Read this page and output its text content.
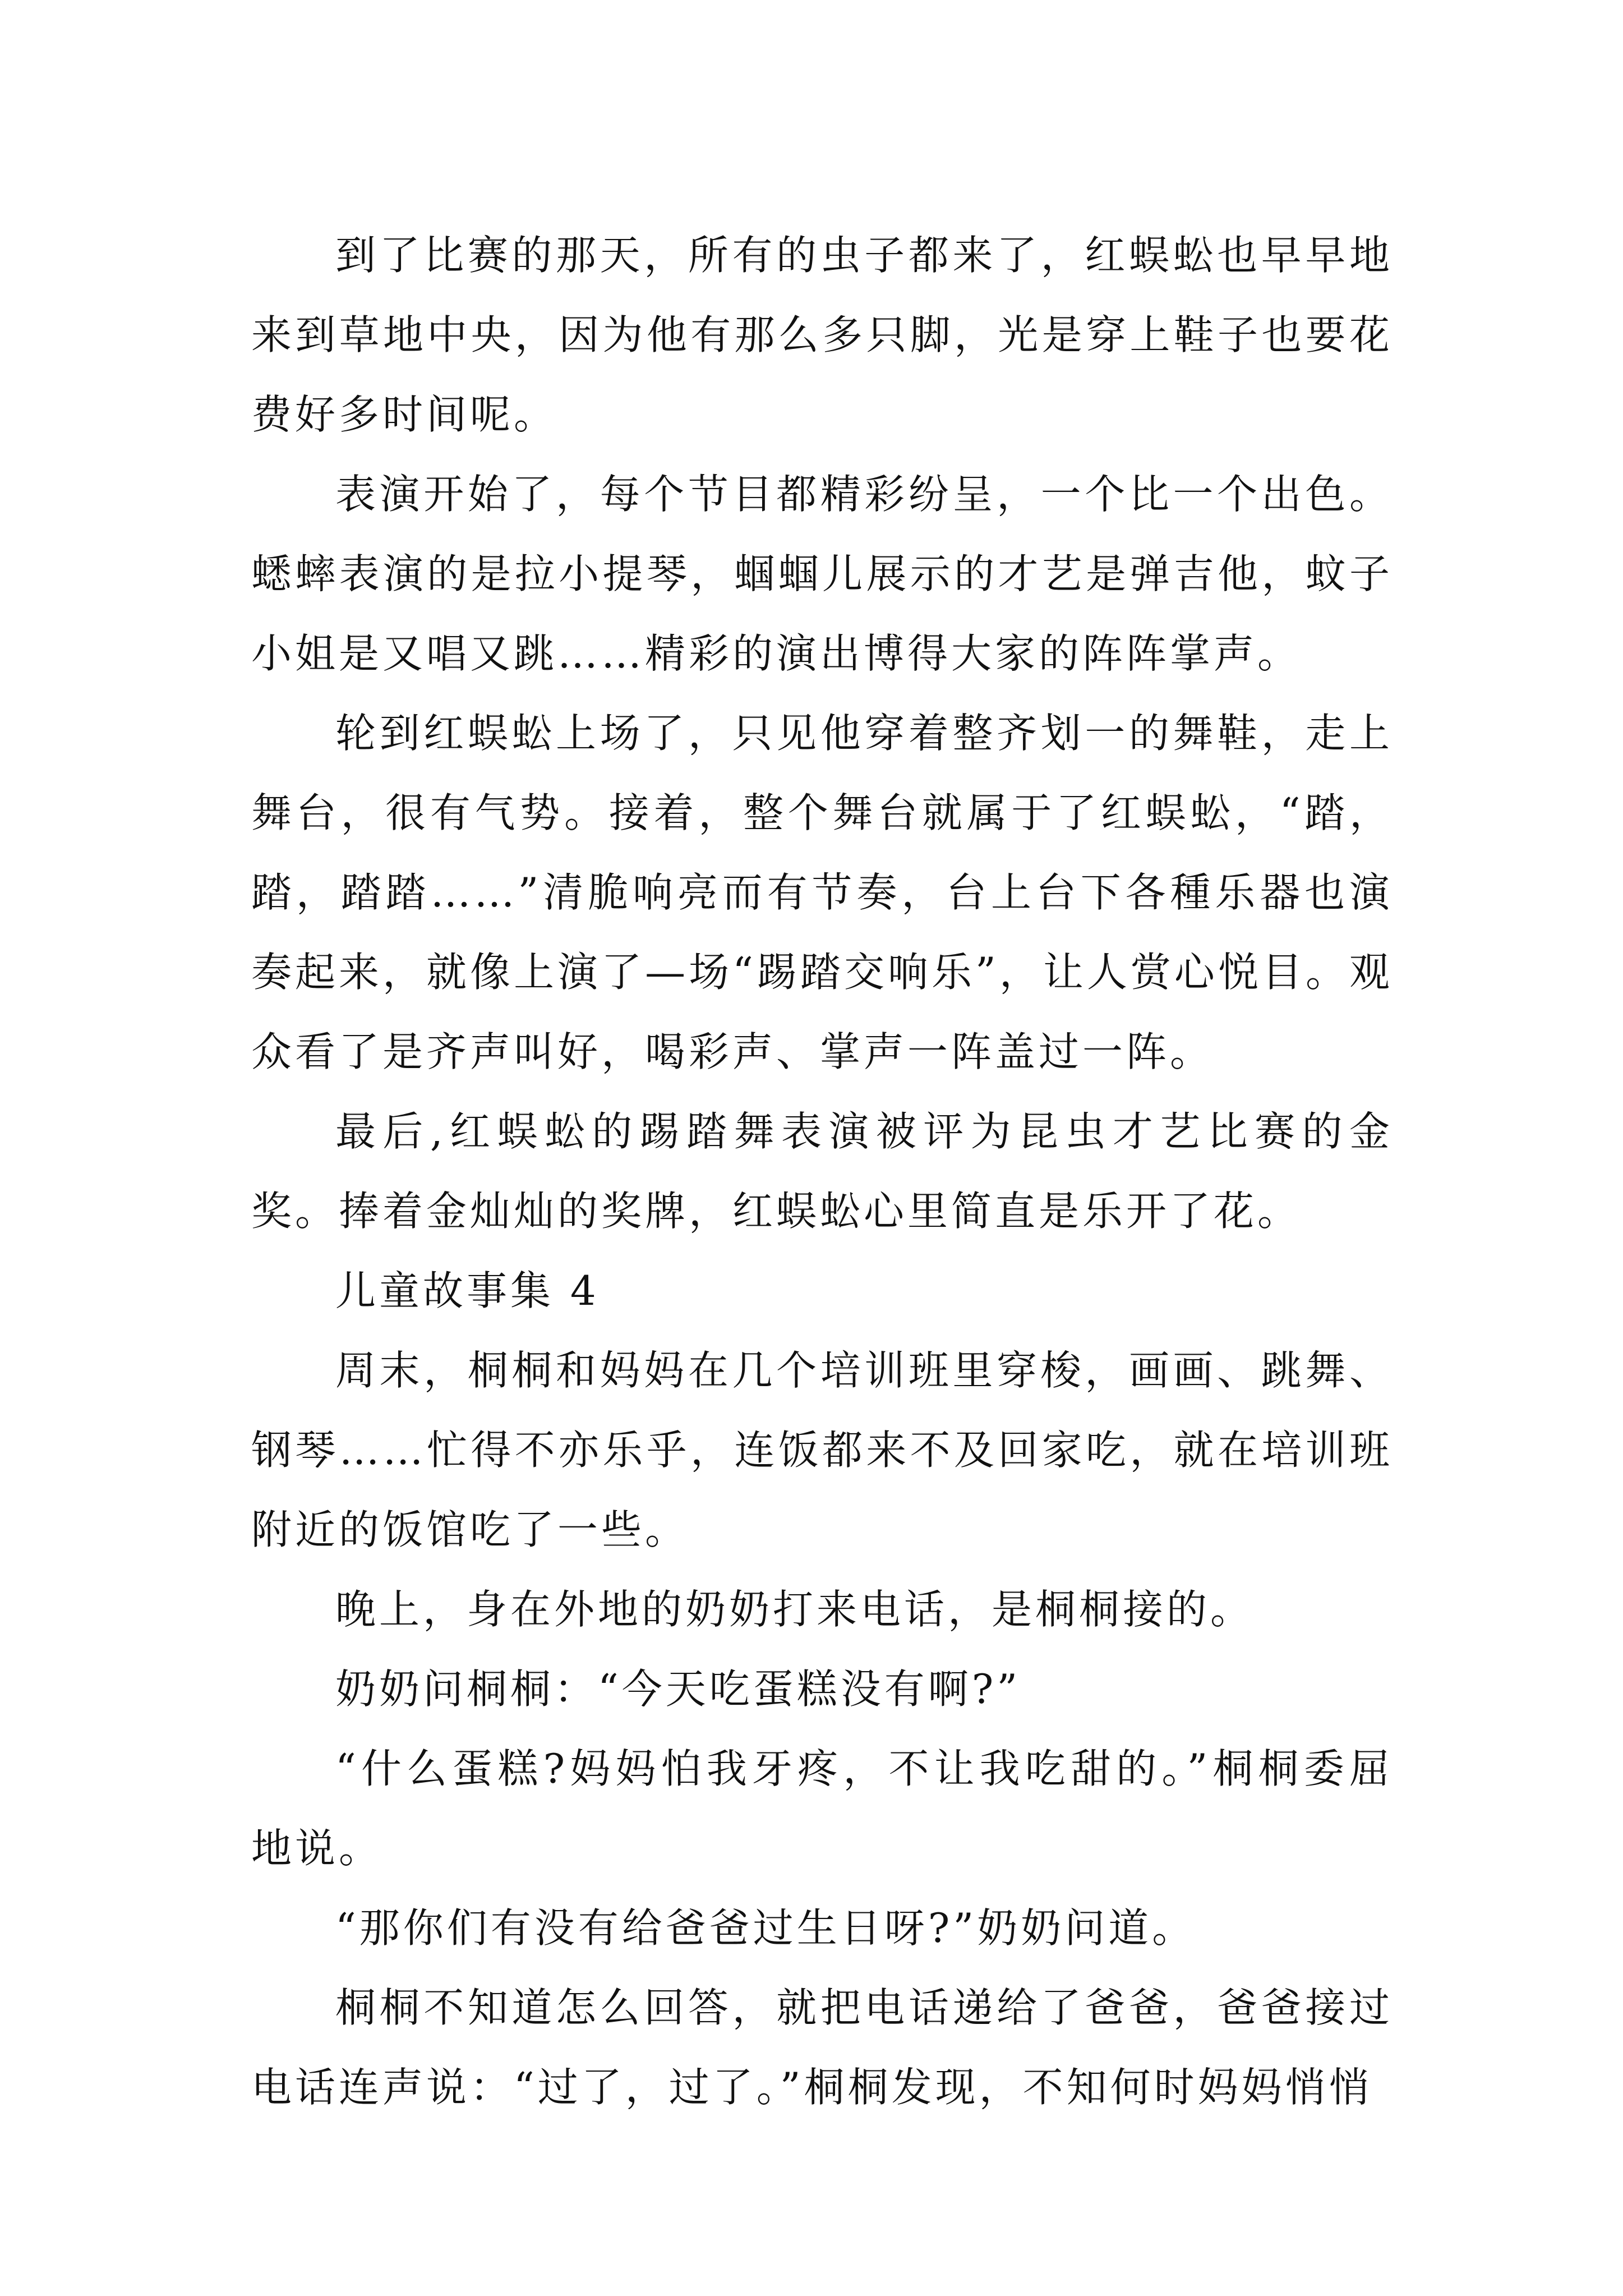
到了比赛的那天，所有的虫子都来了，红蜈蚣也早早地来到草地中央，因为他有那么多只脚，光是穿上鞋子也要花费好多时间呢。

表演开始了，每个节目都精彩纷呈，一个比一个出色。蟋蟀表演的是拉小提琴，蝈蝈儿展示的才艺是弹吉他，蚊子小姐是又唱又跳……精彩的演出博得大家的阵阵掌声。

轮到红蜈蚣上场了，只见他穿着整齐划一的舞鞋，走上舞台，很有气势。接着，整个舞台就属于了红蜈蚣，“踏，踏，踏踏……”清脆响亮而有节奏，台上台下各種乐器也演奏起来，就像上演了—场“踢踏交响乐”，让人赏心悦目。观众看了是齐声叫好，喝彩声、掌声一阵盖过一阵。

最后,红蜈蚣的踢踏舞表演被评为昆虫才艺比赛的金奖。捧着金灿灿的奖牌，红蜈蚣心里简直是乐开了花。

儿童故事集 4

周末，桐桐和妈妈在几个培训班里穿梭，画画、跳舞、钢琴……忙得不亦乐乎，连饭都来不及回家吃，就在培训班附近的饭馆吃了一些。

晚上，身在外地的奶奶打来电话，是桐桐接的。

奶奶问桐桐：“今天吃蛋糕没有啊?”

“什么蛋糕?妈妈怕我牙疼，不让我吃甜的。”桐桐委屈地说。

“那你们有没有给爸爸过生日呀?”奶奶问道。

桐桐不知道怎么回答，就把电话递给了爸爸，爸爸接过电话连声说：“过了，过了。”桐桐发现，不知何时妈妈悄悄
